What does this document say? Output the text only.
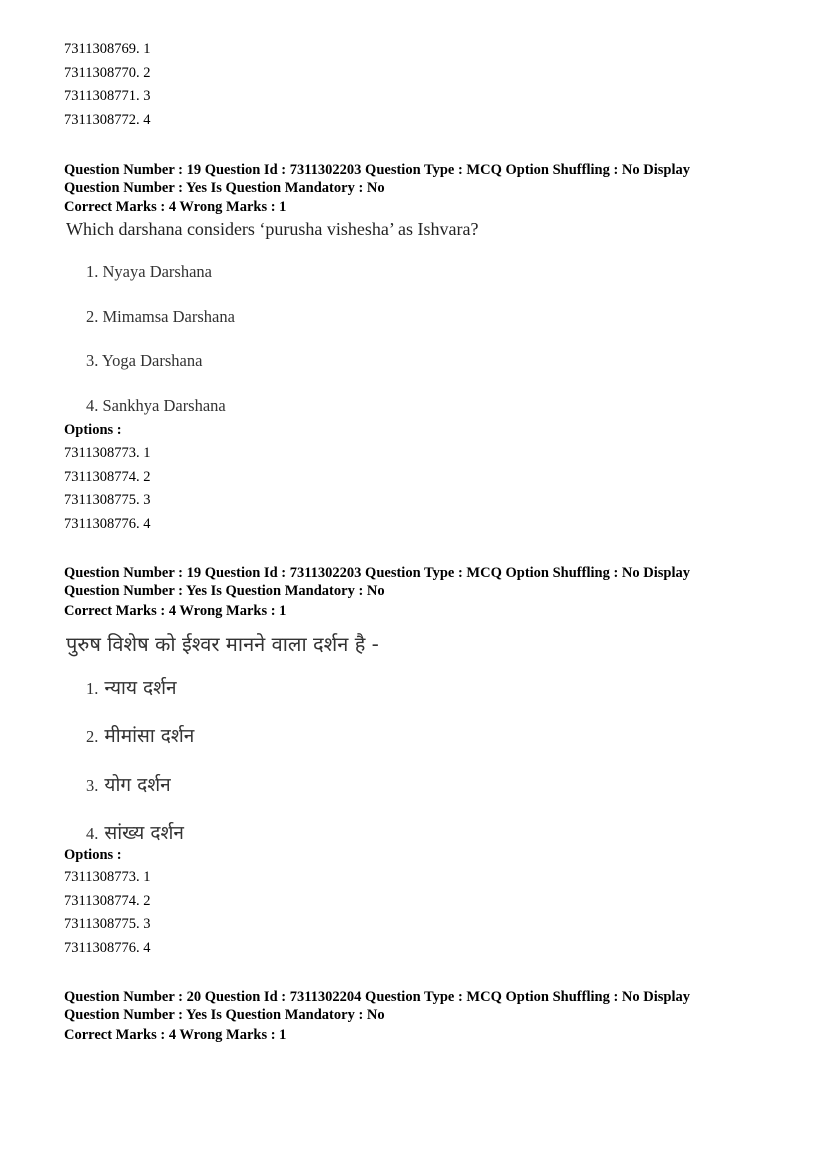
7311308769. 1
7311308770. 2
7311308771. 3
7311308772. 4
Question Number : 19 Question Id : 7311302203 Question Type : MCQ Option Shuffling : No Display
Question Number : Yes Is Question Mandatory : No
Correct Marks : 4 Wrong Marks : 1
Which darshana considers ‘purusha vishesha’ as Ishvara?
1. Nyaya Darshana
2. Mimamsa Darshana
3. Yoga Darshana
4. Sankhya Darshana
Options :
7311308773. 1
7311308774. 2
7311308775. 3
7311308776. 4
Question Number : 19 Question Id : 7311302203 Question Type : MCQ Option Shuffling : No Display
Question Number : Yes Is Question Mandatory : No
Correct Marks : 4 Wrong Marks : 1
पुरुष विशेष को ईश्वर मानने वाला दर्शन है -
1. न्याय दर्शन
2. मीमांसा दर्शन
3. योग दर्शन
4. सांख्य दर्शन
Options :
7311308773. 1
7311308774. 2
7311308775. 3
7311308776. 4
Question Number : 20 Question Id : 7311302204 Question Type : MCQ Option Shuffling : No Display
Question Number : Yes Is Question Mandatory : No
Correct Marks : 4 Wrong Marks : 1
